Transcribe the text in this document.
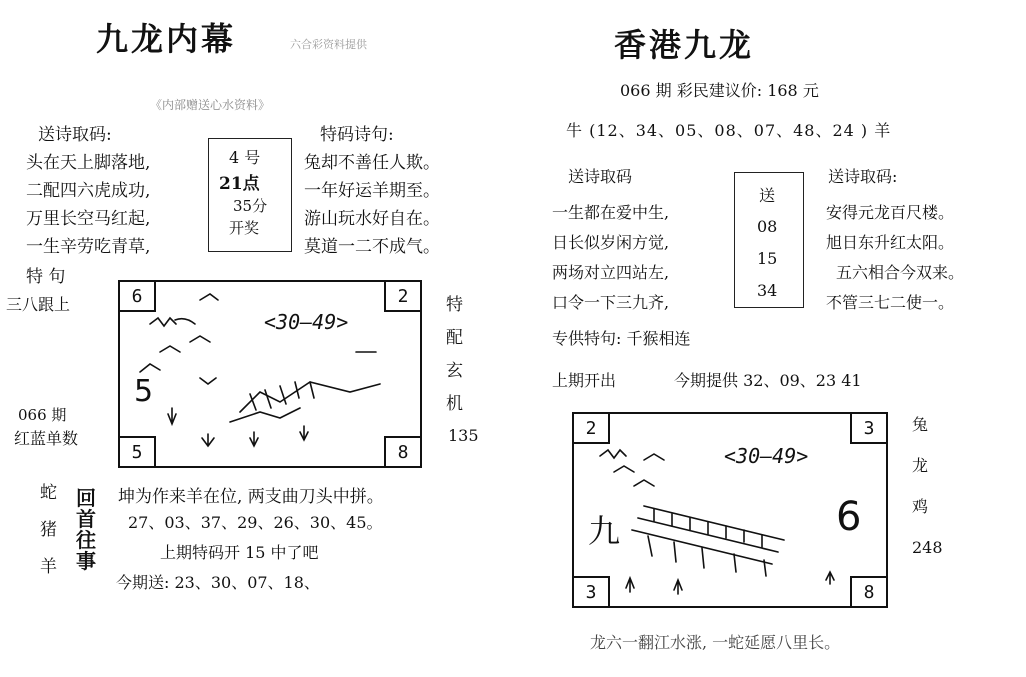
九龙内幕	六合彩资料提供
《内部赠送心水资料》
送诗取码:	特码诗句:
头在天上脚落地,
二配四六虎成功,
万里长空马红起,
一生辛劳吃青草,
4 号
21点
35分
开奖
兔却不善任人欺。
一年好运羊期至。
游山玩水好自在。
莫道一二不成气。
特 句
三八跟上
066 期
红蓝单数
<30—49>
5
6	2
5	8
特
配
玄
机
135
蛇
猪
羊
回
首
往
事
坤为作来羊在位, 两支曲刀头中拼。
27、03、37、29、26、30、45。
上期特码开 15 中了吧
今期送: 23、30、07、18、
香港九龙
066 期 彩民建议价: 168 元
牛 (12、34、05、08、07、48、24 ) 羊
送诗取码	送诗取码:
一生都在爱中生,
日长似岁闲方觉,
两场对立四站左,
口令一下三九齐,
送
08
15
34
安得元龙百尺楼。
旭日东升红太阳。
五六相合今双来。
不管三七二使一。
专供特句: 千猴相连
上期开出	今期提供 32、09、23 41
<30—49>
九	6
2	3
3	8
兔
龙
鸡
248
龙六一翻江水涨, 一蛇延愿八里长。
